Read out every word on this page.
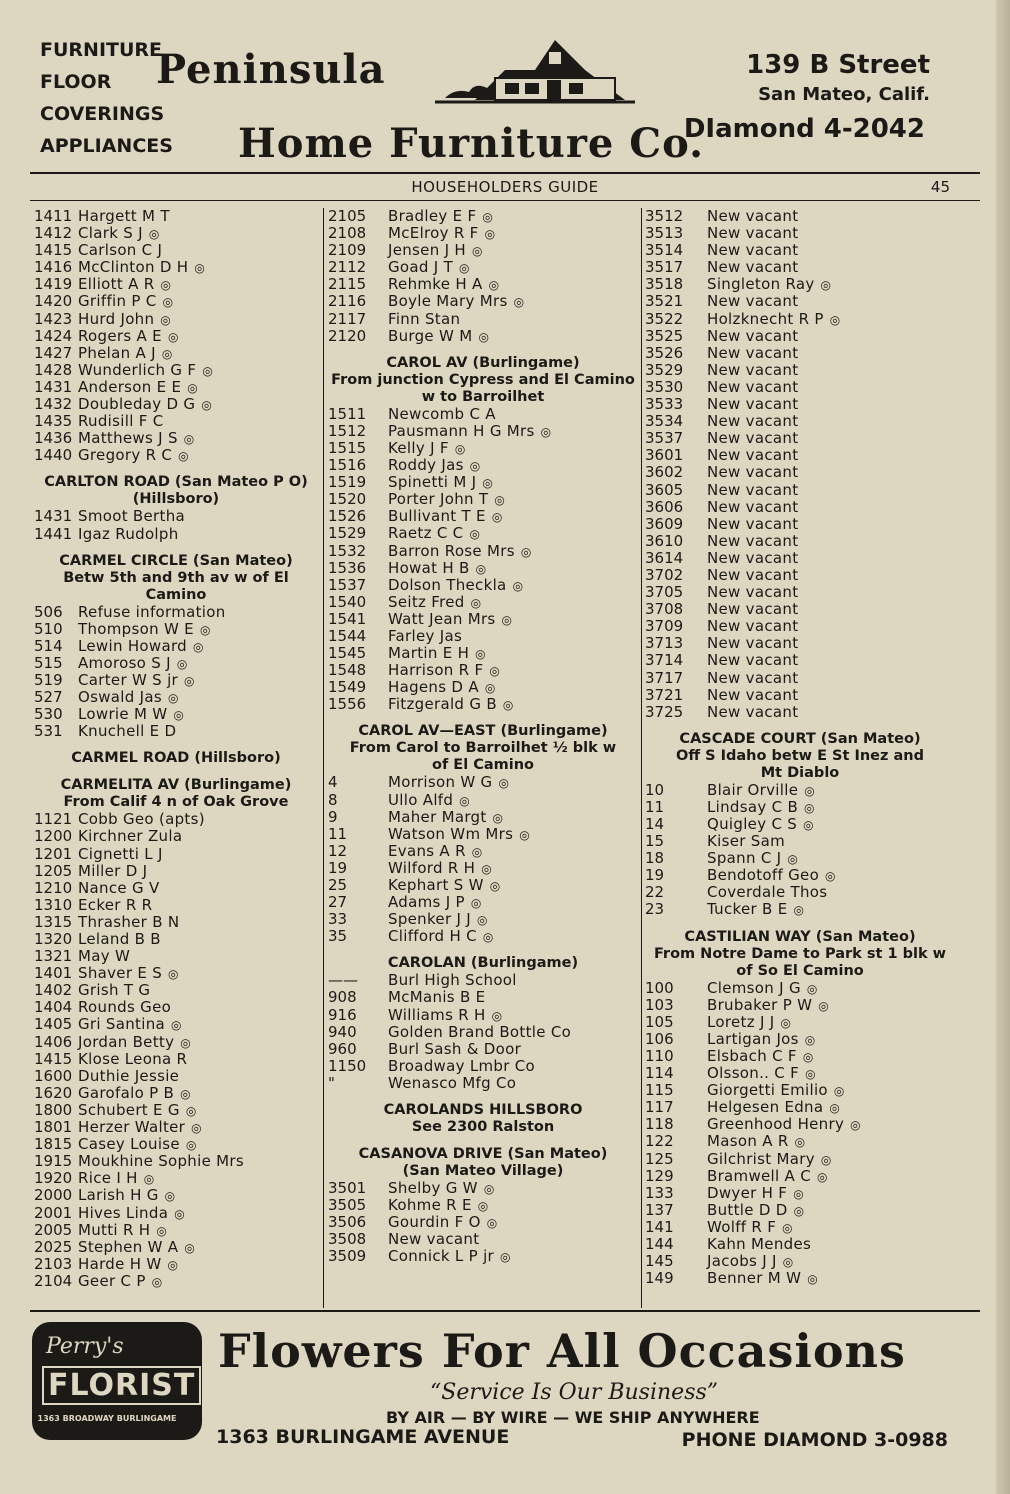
FURNITURE
FLOOR
COVERINGS
APPLIANCES
Peninsula
Home Furniture Co.
139 B Street
San Mateo, Calif.
DIamond 4-2042
HOUSEHOLDERS GUIDE	45
1411 Hargett M T
1412 Clark S J ◎
1415 Carlson C J
1416 McClinton D H ◎
1419 Elliott A R ◎
1420 Griffin P C ◎
1423 Hurd John ◎
1424 Rogers A E ◎
1427 Phelan A J ◎
1428 Wunderlich G F ◎
1431 Anderson E E ◎
1432 Doubleday D G ◎
1435 Rudisill F C
1436 Matthews J S ◎
1440 Gregory R C ◎
CARLTON ROAD (San Mateo P O)
(Hillsboro)
1431 Smoot Bertha
1441 Igaz Rudolph
CARMEL CIRCLE (San Mateo)
Betw 5th and 9th av w of El Camino
506	Refuse information
510	Thompson W E ◎
514	Lewin Howard ◎
515	Amoroso S J ◎
519	Carter W S jr ◎
527	Oswald Jas ◎
530	Lowrie M W ◎
531	Knuchell E D
CARMEL ROAD (Hillsboro)
CARMELITA AV (Burlingame)
From Calif 4 n of Oak Grove
1121 Cobb Geo (apts)
1200 Kirchner Zula
1201 Cignetti L J
1205 Miller D J
1210 Nance G V
1310 Ecker R R
1315 Thrasher B N
1320 Leland B B
1321 May W
1401 Shaver E S ◎
1402 Grish T G
1404 Rounds Geo
1405 Gri Santina ◎
1406 Jordan Betty ◎
1415 Klose Leona R
1600 Duthie Jessie
1620 Garofalo P B ◎
1800 Schubert E G ◎
1801 Herzer Walter ◎
1815 Casey Louise ◎
1915 Moukhine Sophie Mrs
1920 Rice I H ◎
2000 Larish H G ◎
2001 Hives Linda ◎
2005 Mutti R H ◎
2025 Stephen W A ◎
2103 Harde H W ◎
2104 Geer C P ◎
2105	Bradley E F ◎
2108	McElroy R F ◎
2109	Jensen J H ◎
2112	Goad J T ◎
2115	Rehmke H A ◎
2116	Boyle Mary Mrs ◎
2117	Finn Stan
2120	Burge W M ◎
CAROL AV (Burlingame)
From junction Cypress and El Camino
w to Barroilhet
1511	Newcomb C A
1512	Pausmann H G Mrs ◎
1515	Kelly J F ◎
1516	Roddy Jas ◎
1519	Spinetti M J ◎
1520	Porter John T ◎
1526	Bullivant T E ◎
1529	Raetz C C ◎
1532	Barron Rose Mrs ◎
1536	Howat H B ◎
1537	Dolson Theckla ◎
1540	Seitz Fred ◎
1541	Watt Jean Mrs ◎
1544	Farley Jas
1545	Martin E H ◎
1548	Harrison R F ◎
1549	Hagens D A ◎
1556	Fitzgerald G B ◎
CAROL AV—EAST (Burlingame)
From Carol to Barroilhet ½ blk w
of El Camino
4	Morrison W G ◎
8	Ullo Alfd ◎
9	Maher Margt ◎
11	Watson Wm Mrs ◎
12	Evans A R ◎
19	Wilford R H ◎
25	Kephart S W ◎
27	Adams J P ◎
33	Spenker J J ◎
35	Clifford H C ◎
CAROLAN (Burlingame)
——	Burl High School
908	McManis B E
916	Williams R H ◎
940	Golden Brand Bottle Co
960	Burl Sash & Door
1150	Broadway Lmbr Co
"	Wenasco Mfg Co
CAROLANDS HILLSBORO
See 2300 Ralston
CASANOVA DRIVE (San Mateo)
(San Mateo Village)
3501	Shelby G W ◎
3505	Kohme R E ◎
3506	Gourdin F O ◎
3508	New vacant
3509	Connick L P jr ◎
3512	New vacant
3513	New vacant
3514	New vacant
3517	New vacant
3518	Singleton Ray ◎
3521	New vacant
3522	Holzknecht R P ◎
3525	New vacant
3526	New vacant
3529	New vacant
3530	New vacant
3533	New vacant
3534	New vacant
3537	New vacant
3601	New vacant
3602	New vacant
3605	New vacant
3606	New vacant
3609	New vacant
3610	New vacant
3614	New vacant
3702	New vacant
3705	New vacant
3708	New vacant
3709	New vacant
3713	New vacant
3714	New vacant
3717	New vacant
3721	New vacant
3725	New vacant
CASCADE COURT (San Mateo)
Off S Idaho betw E St Inez and
Mt Diablo
10	Blair Orville ◎
11	Lindsay C B ◎
14	Quigley C S ◎
15	Kiser Sam
18	Spann C J ◎
19	Bendotoff Geo ◎
22	Coverdale Thos
23	Tucker B E ◎
CASTILIAN WAY (San Mateo)
From Notre Dame to Park st 1 blk w
of So El Camino
100	Clemson J G ◎
103	Brubaker P W ◎
105	Loretz J J ◎
106	Lartigan Jos ◎
110	Elsbach C F ◎
114	Olsson.. C F ◎
115	Giorgetti Emilio ◎
117	Helgesen Edna ◎
118	Greenhood Henry ◎
122	Mason A R ◎
125	Gilchrist Mary ◎
129	Bramwell A C ◎
133	Dwyer H F ◎
137	Buttle D D ◎
141	Wolff R F ◎
144	Kahn Mendes
145	Jacobs J J ◎
149	Benner M W ◎
Perry's
FLORIST
1363 BROADWAY BURLINGAME
Flowers For All Occasions
“Service Is Our Business”
BY AIR — BY WIRE — WE SHIP ANYWHERE
1363 BURLINGAME AVENUE	PHONE DIAMOND 3-0988
